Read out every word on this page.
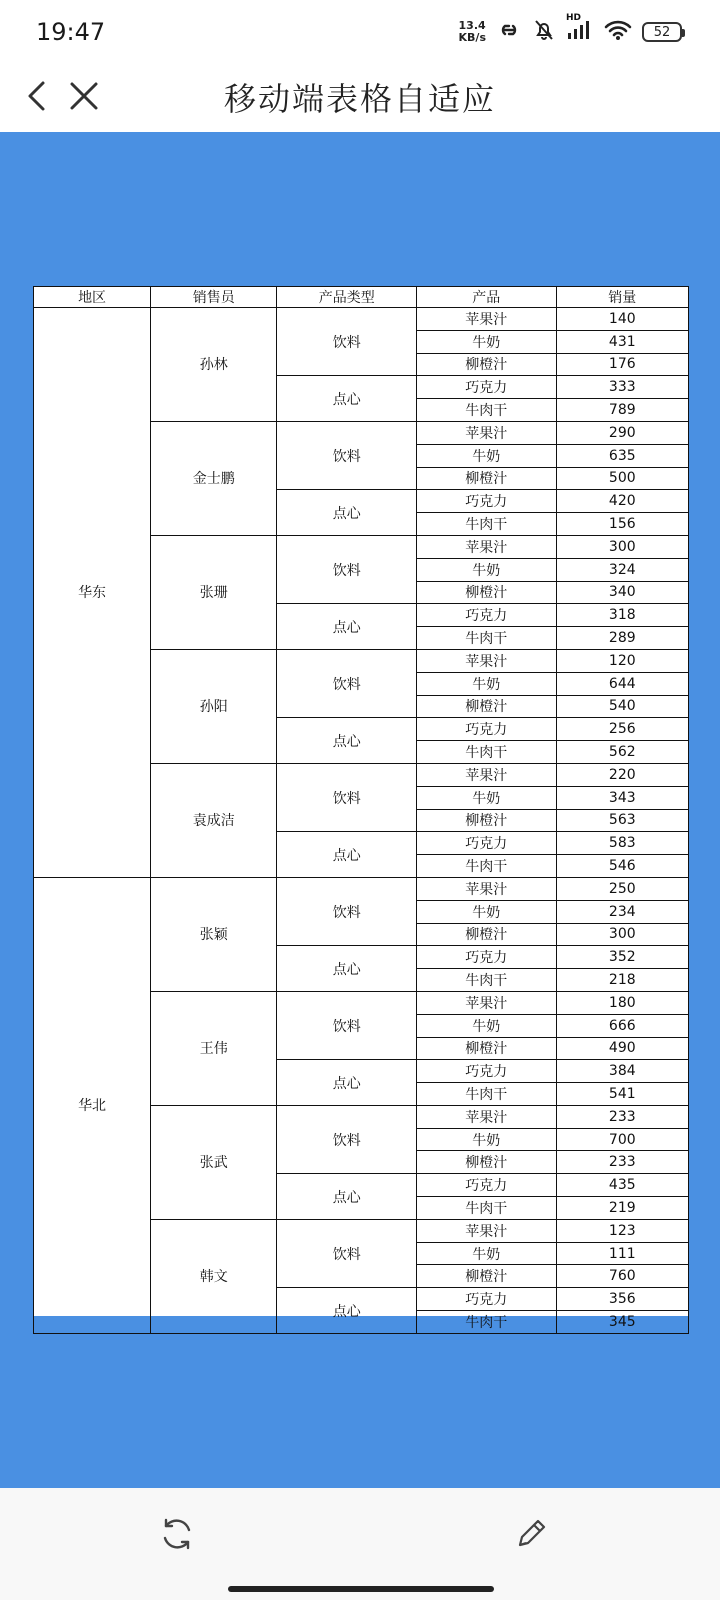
19:47	13.4
KB/s
HD
52
移动端表格自适应
地区	销售员	产品类型	产品	销量
华东	孙林	饮料	苹果汁	140
			牛奶	431
			柳橙汁	176
		点心	巧克力	333
			牛肉干	789
	金士鹏	饮料	苹果汁	290
			牛奶	635
			柳橙汁	500
		点心	巧克力	420
			牛肉干	156
	张珊	饮料	苹果汁	300
			牛奶	324
			柳橙汁	340
		点心	巧克力	318
			牛肉干	289
	孙阳	饮料	苹果汁	120
			牛奶	644
			柳橙汁	540
		点心	巧克力	256
			牛肉干	562
	袁成洁	饮料	苹果汁	220
			牛奶	343
			柳橙汁	563
		点心	巧克力	583
			牛肉干	546
华北	张颖	饮料	苹果汁	250
			牛奶	234
			柳橙汁	300
		点心	巧克力	352
			牛肉干	218
	王伟	饮料	苹果汁	180
			牛奶	666
			柳橙汁	490
		点心	巧克力	384
			牛肉干	541
	张武	饮料	苹果汁	233
			牛奶	700
			柳橙汁	233
		点心	巧克力	435
			牛肉干	219
	韩文	饮料	苹果汁	123
			牛奶	111
			柳橙汁	760
		点心	巧克力	356
			牛肉干	345
